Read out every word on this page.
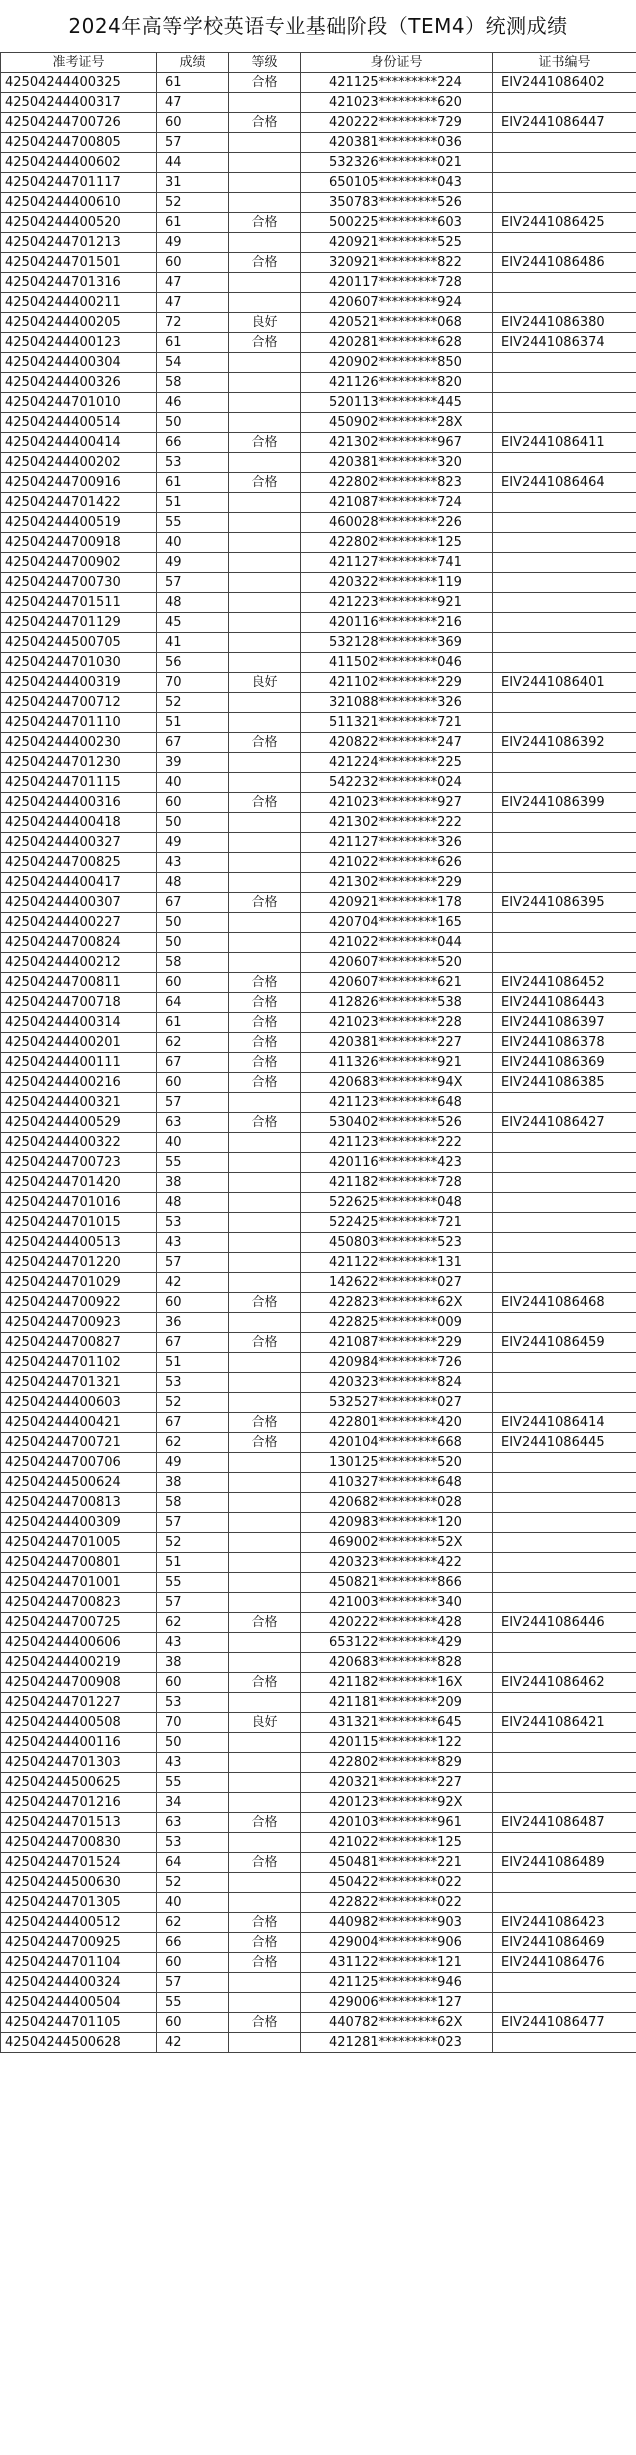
2024年高等学校英语专业基础阶段（TEM4）统测成绩
准考证号	成绩	等级	身份证号	证书编号
42504244400325	61	合格	421125*********224	EIV2441086402
42504244400317	47		421023*********620	
42504244700726	60	合格	420222*********729	EIV2441086447
42504244700805	57		420381*********036	
42504244400602	44		532326*********021	
42504244701117	31		650105*********043	
42504244400610	52		350783*********526	
42504244400520	61	合格	500225*********603	EIV2441086425
42504244701213	49		420921*********525	
42504244701501	60	合格	320921*********822	EIV2441086486
42504244701316	47		420117*********728	
42504244400211	47		420607*********924	
42504244400205	72	良好	420521*********068	EIV2441086380
42504244400123	61	合格	420281*********628	EIV2441086374
42504244400304	54		420902*********850	
42504244400326	58		421126*********820	
42504244701010	46		520113*********445	
42504244400514	50		450902*********28X	
42504244400414	66	合格	421302*********967	EIV2441086411
42504244400202	53		420381*********320	
42504244700916	61	合格	422802*********823	EIV2441086464
42504244701422	51		421087*********724	
42504244400519	55		460028*********226	
42504244700918	40		422802*********125	
42504244700902	49		421127*********741	
42504244700730	57		420322*********119	
42504244701511	48		421223*********921	
42504244701129	45		420116*********216	
42504244500705	41		532128*********369	
42504244701030	56		411502*********046	
42504244400319	70	良好	421102*********229	EIV2441086401
42504244700712	52		321088*********326	
42504244701110	51		511321*********721	
42504244400230	67	合格	420822*********247	EIV2441086392
42504244701230	39		421224*********225	
42504244701115	40		542232*********024	
42504244400316	60	合格	421023*********927	EIV2441086399
42504244400418	50		421302*********222	
42504244400327	49		421127*********326	
42504244700825	43		421022*********626	
42504244400417	48		421302*********229	
42504244400307	67	合格	420921*********178	EIV2441086395
42504244400227	50		420704*********165	
42504244700824	50		421022*********044	
42504244400212	58		420607*********520	
42504244700811	60	合格	420607*********621	EIV2441086452
42504244700718	64	合格	412826*********538	EIV2441086443
42504244400314	61	合格	421023*********228	EIV2441086397
42504244400201	62	合格	420381*********227	EIV2441086378
42504244400111	67	合格	411326*********921	EIV2441086369
42504244400216	60	合格	420683*********94X	EIV2441086385
42504244400321	57		421123*********648	
42504244400529	63	合格	530402*********526	EIV2441086427
42504244400322	40		421123*********222	
42504244700723	55		420116*********423	
42504244701420	38		421182*********728	
42504244701016	48		522625*********048	
42504244701015	53		522425*********721	
42504244400513	43		450803*********523	
42504244701220	57		421122*********131	
42504244701029	42		142622*********027	
42504244700922	60	合格	422823*********62X	EIV2441086468
42504244700923	36		422825*********009	
42504244700827	67	合格	421087*********229	EIV2441086459
42504244701102	51		420984*********726	
42504244701321	53		420323*********824	
42504244400603	52		532527*********027	
42504244400421	67	合格	422801*********420	EIV2441086414
42504244700721	62	合格	420104*********668	EIV2441086445
42504244700706	49		130125*********520	
42504244500624	38		410327*********648	
42504244700813	58		420682*********028	
42504244400309	57		420983*********120	
42504244701005	52		469002*********52X	
42504244700801	51		420323*********422	
42504244701001	55		450821*********866	
42504244700823	57		421003*********340	
42504244700725	62	合格	420222*********428	EIV2441086446
42504244400606	43		653122*********429	
42504244400219	38		420683*********828	
42504244700908	60	合格	421182*********16X	EIV2441086462
42504244701227	53		421181*********209	
42504244400508	70	良好	431321*********645	EIV2441086421
42504244400116	50		420115*********122	
42504244701303	43		422802*********829	
42504244500625	55		420321*********227	
42504244701216	34		420123*********92X	
42504244701513	63	合格	420103*********961	EIV2441086487
42504244700830	53		421022*********125	
42504244701524	64	合格	450481*********221	EIV2441086489
42504244500630	52		450422*********022	
42504244701305	40		422822*********022	
42504244400512	62	合格	440982*********903	EIV2441086423
42504244700925	66	合格	429004*********906	EIV2441086469
42504244701104	60	合格	431122*********121	EIV2441086476
42504244400324	57		421125*********946	
42504244400504	55		429006*********127	
42504244701105	60	合格	440782*********62X	EIV2441086477
42504244500628	42		421281*********023	
